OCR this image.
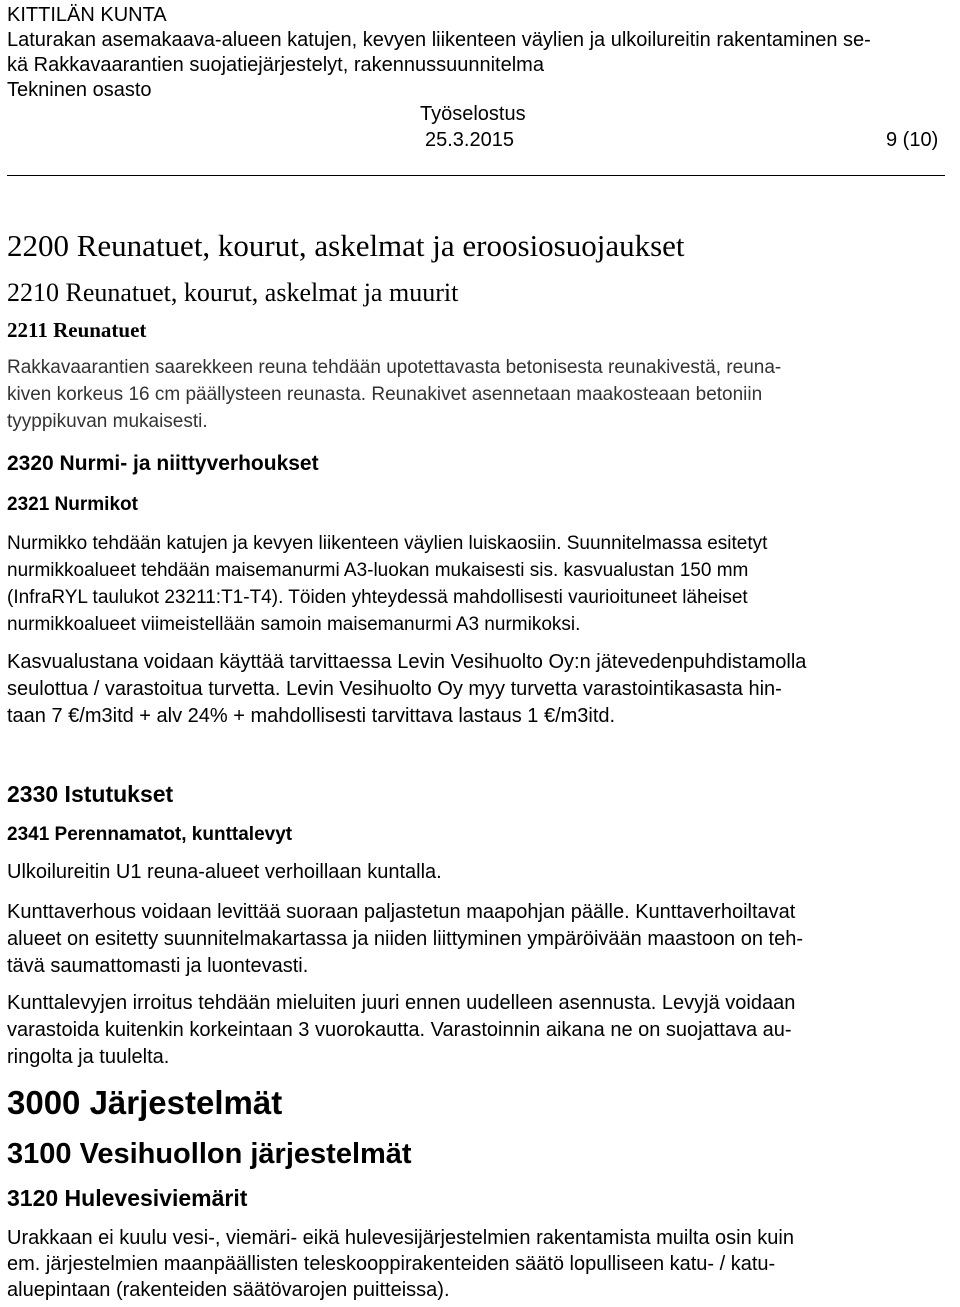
KITTILÄN KUNTA
Laturakan asemakaava-alueen katujen, kevyen liikenteen väylien ja ulkoilureitin rakentaminen se-
kä Rakkavaarantien suojatiejärjestelyt, rakennussuunnitelma
Tekninen osasto
Työselostus
25.3.2015	9 (10)
2200 Reunatuet, kourut, askelmat ja eroosiosuojaukset
2210 Reunatuet, kourut, askelmat ja muurit
2211 Reunatuet
Rakkavaarantien saarekkeen reuna tehdään upotettavasta betonisesta reunakivestä, reuna-
kiven korkeus 16 cm päällysteen reunasta. Reunakivet asennetaan maakosteaan betoniin
tyyppikuvan mukaisesti.
2320 Nurmi- ja niittyverhoukset
2321 Nurmikot
Nurmikko tehdään katujen ja kevyen liikenteen väylien luiskaosiin. Suunnitelmassa esitetyt
nurmikkoalueet tehdään maisemanurmi A3-luokan mukaisesti sis. kasvualustan 150 mm
(InfraRYL taulukot 23211:T1-T4). Töiden yhteydessä mahdollisesti vaurioituneet läheiset
nurmikkoalueet viimeistellään samoin maisemanurmi A3 nurmikoksi.
Kasvualustana voidaan käyttää tarvittaessa Levin Vesihuolto Oy:n jätevedenpuhdistamolla
seulottua / varastoitua turvetta. Levin Vesihuolto Oy myy turvetta varastointikasasta hin-
taan 7 €/m3itd + alv 24% + mahdollisesti tarvittava lastaus 1 €/m3itd.
2330 Istutukset
2341 Perennamatot, kunttalevyt
Ulkoilureitin U1 reuna-alueet verhoillaan kuntalla.
Kunttaverhous voidaan levittää suoraan paljastetun maapohjan päälle. Kunttaverhoiltavat
alueet on esitetty suunnitelmakartassa ja niiden liittyminen ympäröivään maastoon on teh-
tävä saumattomasti ja luontevasti.
Kunttalevyjen irroitus tehdään mieluiten juuri ennen uudelleen asennusta. Levyjä voidaan
varastoida kuitenkin korkeintaan 3 vuorokautta. Varastoinnin aikana ne on suojattava au-
ringolta ja tuulelta.
3000 Järjestelmät
3100 Vesihuollon järjestelmät
3120 Hulevesiviemärit
Urakkaan ei kuulu vesi-, viemäri- eikä hulevesijärjestelmien rakentamista muilta osin kuin
em. järjestelmien maanpäällisten teleskooppirakenteiden säätö lopulliseen katu- / katu-
aluepintaan (rakenteiden säätövarojen puitteissa).
